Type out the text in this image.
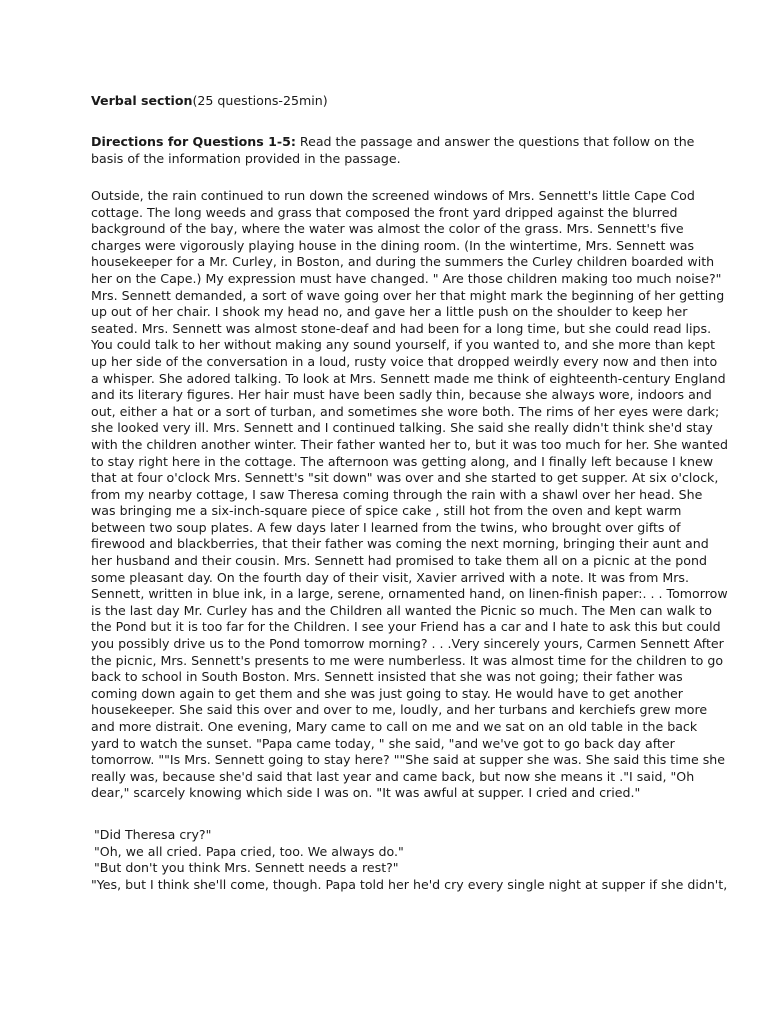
Verbal section(25 questions-25min)

Directions for Questions 1-5: Read the passage and answer the questions that follow on the basis of the information provided in the passage.

Outside, the rain continued to run down the screened windows of Mrs. Sennett's little Cape Cod cottage. The long weeds and grass that composed the front yard dripped against the blurred background of the bay, where the water was almost the color of the grass. Mrs. Sennett's five charges were vigorously playing house in the dining room. (In the wintertime, Mrs. Sennett was housekeeper for a Mr. Curley, in Boston, and during the summers the Curley children boarded with her on the Cape.) My expression must have changed. " Are those children making too much noise?" Mrs. Sennett demanded, a sort of wave going over her that might mark the beginning of her getting up out of her chair. I shook my head no, and gave her a little push on the shoulder to keep her seated. Mrs. Sennett was almost stone-deaf and had been for a long time, but she could read lips. You could talk to her without making any sound yourself, if you wanted to, and she more than kept up her side of the conversation in a loud, rusty voice that dropped weirdly every now and then into a whisper. She adored talking. To look at Mrs. Sennett made me think of eighteenth-century England and its literary figures. Her hair must have been sadly thin, because she always wore, indoors and out, either a hat or a sort of turban, and sometimes she wore both. The rims of her eyes were dark; she looked very ill. Mrs. Sennett and I continued talking. She said she really didn't think she'd stay with the children another winter. Their father wanted her to, but it was too much for her. She wanted to stay right here in the cottage. The afternoon was getting along, and I finally left because I knew that at four o'clock Mrs. Sennett's "sit down" was over and she started to get supper. At six o'clock, from my nearby cottage, I saw Theresa coming through the rain with a shawl over her head. She was bringing me a six-inch-square piece of spice cake , still hot from the oven and kept warm between two soup plates. A few days later I learned from the twins, who brought over gifts of firewood and blackberries, that their father was coming the next morning, bringing their aunt and her husband and their cousin. Mrs. Sennett had promised to take them all on a picnic at the pond some pleasant day. On the fourth day of their visit, Xavier arrived with a note. It was from Mrs. Sennett, written in blue ink, in a large, serene, ornamented hand, on linen-finish paper:. . . Tomorrow is the last day Mr. Curley has and the Children all wanted the Picnic so much. The Men can walk to the Pond but it is too far for the Children. I see your Friend has a car and I hate to ask this but could you possibly drive us to the Pond tomorrow morning? . . .Very sincerely yours, Carmen Sennett After the picnic, Mrs. Sennett's presents to me were numberless. It was almost time for the children to go back to school in South Boston. Mrs. Sennett insisted that she was not going; their father was coming down again to get them and she was just going to stay. He would have to get another housekeeper. She said this over and over to me, loudly, and her turbans and kerchiefs grew more and more distrait. One evening, Mary came to call on me and we sat on an old table in the back yard to watch the sunset. "Papa came today, " she said, "and we've got to go back day after tomorrow. ""Is Mrs. Sennett going to stay here? ""She said at supper she was. She said this time she really was, because she'd said that last year and came back, but now she means it ."I said, "Oh dear," scarcely knowing which side I was on. "It was awful at supper. I cried and cried."

"Did Theresa cry?"

"Oh, we all cried. Papa cried, too. We always do."

"But don't you think Mrs. Sennett needs a rest?"

"Yes, but I think she'll come, though. Papa told her he'd cry every single night at supper if she didn't,
